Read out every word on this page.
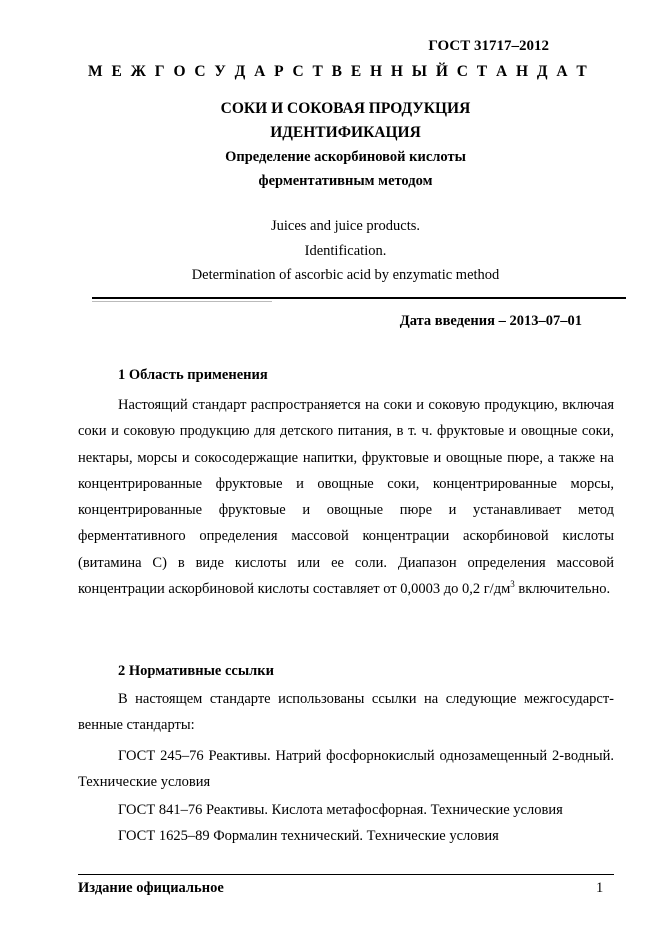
ГОСТ 31717–2012
М Е Ж Г О С У Д А Р С Т В Е Н Н Ы Й С Т А Н Д А Т
СОКИ И СОКОВАЯ ПРОДУКЦИЯ
ИДЕНТИФИКАЦИЯ
Определение аскорбиновой кислоты
ферментативным методом
Juices and juice products.
Identification.
Determination of ascorbic acid by enzymatic method
Дата введения – 2013–07–01
1 Область применения
Настоящий стандарт распространяется на соки и соковую продукцию, включая соки и соковую продукцию для детского питания, в т. ч. фруктовые и овощные соки, нектары, морсы и сокосодержащие напитки, фруктовые и овощные пюре, а также на концентрированные фруктовые и овощные соки, концентрированные морсы, концентрированные фруктовые и овощные пюре и устанавливает метод ферментативного определения массовой концентрации аскорбиновой кислоты (витамина С) в виде кислоты или ее соли. Диапазон определения массовой концентрации аскорбиновой кислоты составляет от 0,0003 до 0,2 $г/дм^3$ включительно.
2 Нормативные ссылки
В настоящем стандарте использованы ссылки на следующие межгосударственные стандарты:
ГОСТ 245–76 Реактивы. Натрий фосфорнокислый однозамещенный 2-водный. Технические условия
ГОСТ 841–76 Реактивы. Кислота метафосфорная. Технические условия
ГОСТ 1625–89 Формалин технический. Технические условия
Издание официальное	1
